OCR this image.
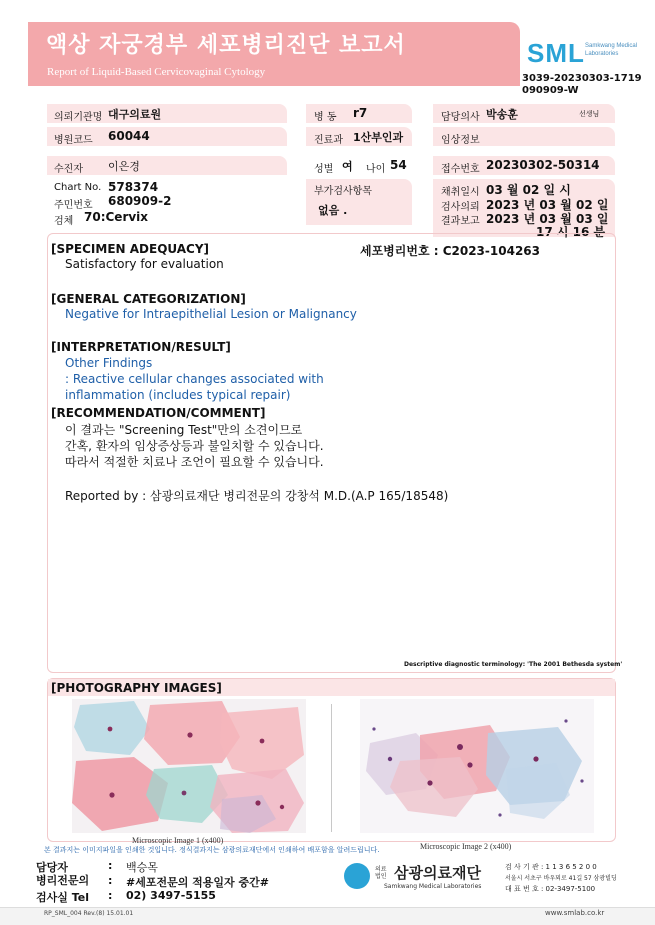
액상 자궁경부 세포병리진단 보고서
Report of Liquid-Based Cervicovaginal Cytology
SML Samkwang Medical Laboratories
3039-20230303-1719
090909-W
의뢰기관명 대구의료원	병 동 r7	담당의사 박송훈	선생님
병원코드 60044	진료과 1산부인과	임상정보
수진자 이은경	성별 여 나이 54	접수번호 20230302-50314
Chart No. 578374
주민번호 680909-2
검체 70:Cervix
부가검사항목
없음 .
채취일시 03 월 02 일 시
검사의뢰 2023 년 03 월 02 일
결과보고 2023 년 03 월 03 일
17 시 16 분
[SPECIMEN ADEQUACY]	세포병리번호 : C2023-104263
Satisfactory for evaluation
[GENERAL CATEGORIZATION]
Negative for Intraepithelial Lesion or Malignancy
[INTERPRETATION/RESULT]
Other Findings
: Reactive cellular changes associated with
inflammation (includes typical repair)
[RECOMMENDATION/COMMENT]
이 결과는 "Screening Test"만의 소견이므로
간혹, 환자의 임상증상등과 불일치할 수 있습니다.
따라서 적절한 치료나 조언이 필요할 수 있습니다.
Reported by : 삼광의료재단 병리전문의 강창석 M.D.(A.P 165/18548)
Descriptive diagnostic terminology: 'The 2001 Bethesda system'
[PHOTOGRAPHY IMAGES]
Microscopic Image 1 (x400)
Microscopic Image 2 (x400)
본 결과지는 이미지파일을 인쇄한 것입니다. 정식결과지는 삼광의료재단에서 인쇄하여 배포함을 알려드립니다.
담당자	: 백승목
병리전문의 : #세포전문의 적용일자 중간#
검사실 Tel : 02) 3497-5155
의료법인 삼광의료재단
Samkwang Medical Laboratories
검 사 기 관 : 1 1 3 6 5 2 0 0
서울시 서초구 바우뫼로 41길 57 삼광빌딩
대 표 번 호 : 02-3497-5100
RP_SML_004 Rev.(8) 15.01.01	www.smlab.co.kr
